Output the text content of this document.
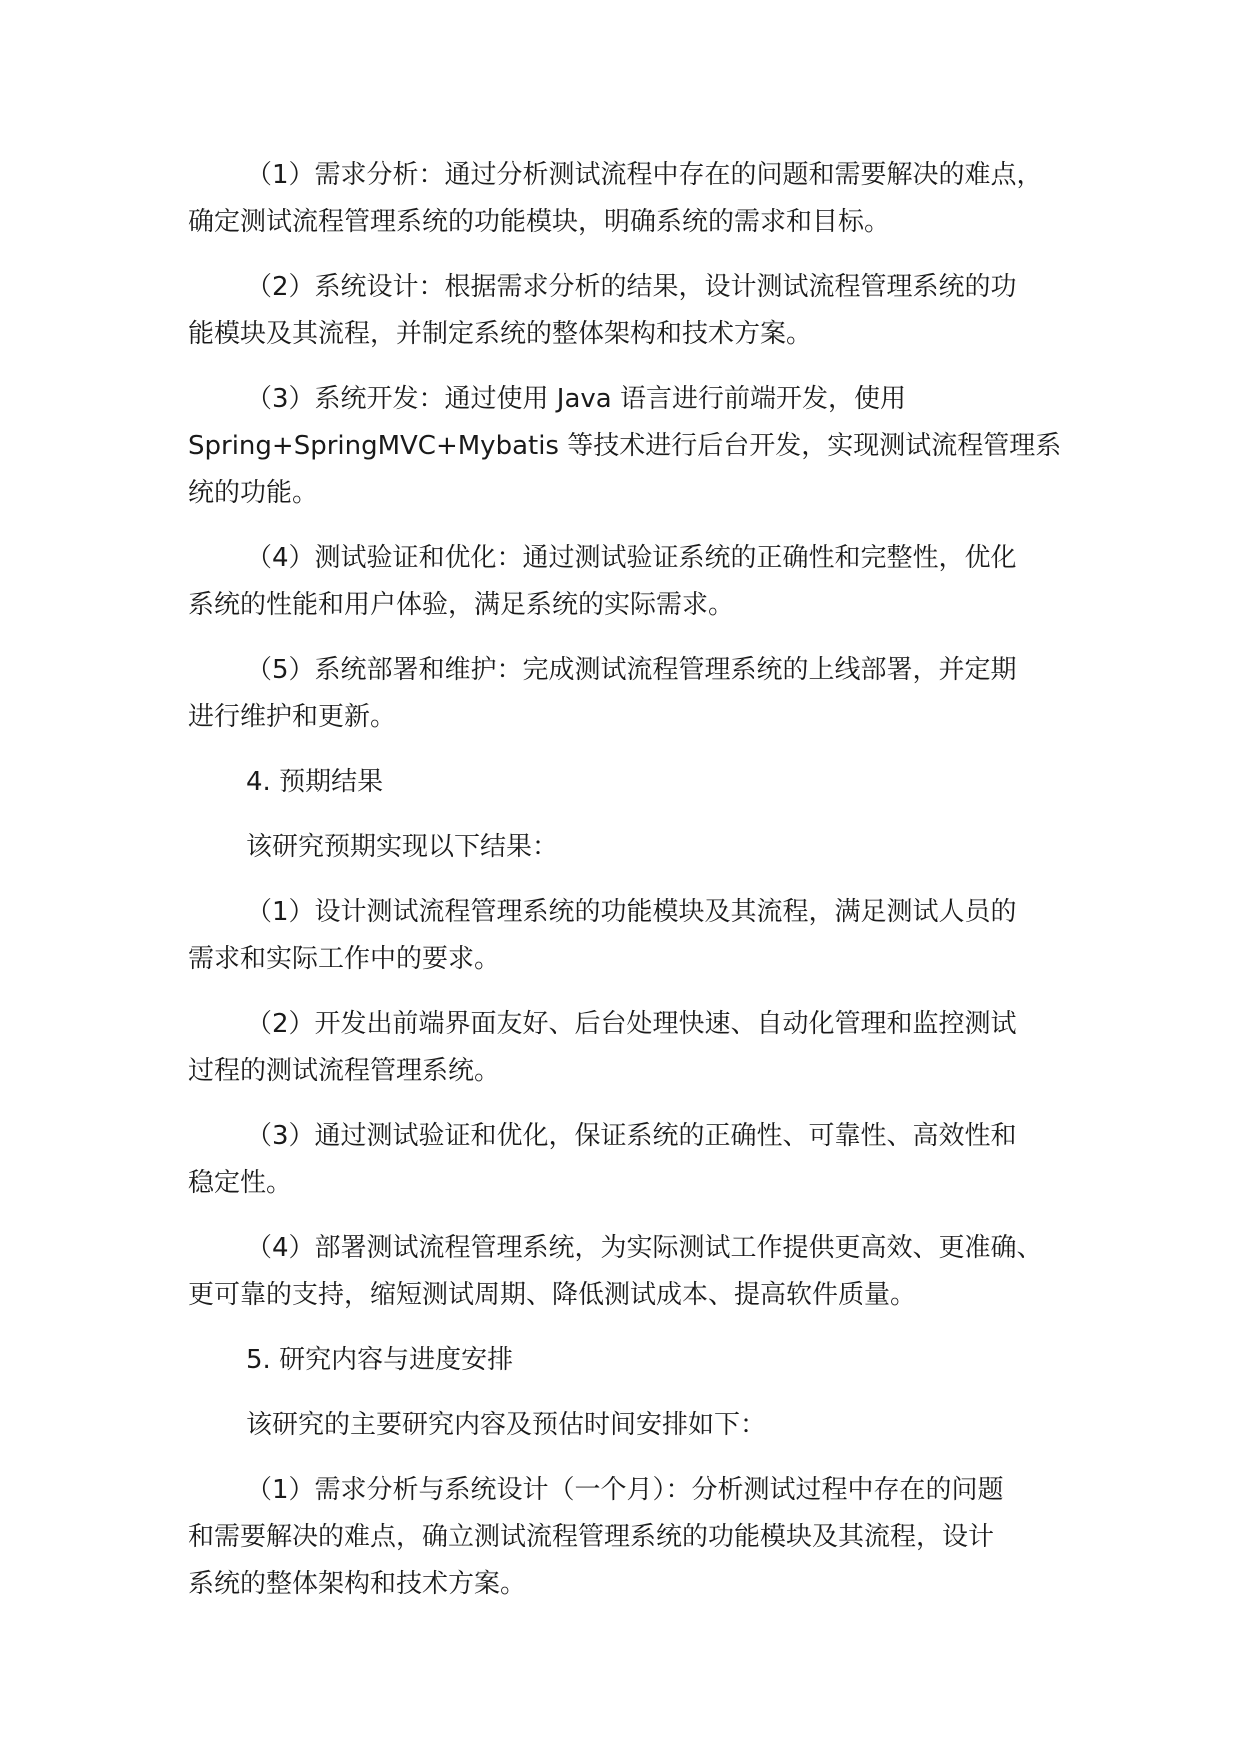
（1）需求分析：通过分析测试流程中存在的问题和需要解决的难点，
确定测试流程管理系统的功能模块，明确系统的需求和目标。

（2）系统设计：根据需求分析的结果，设计测试流程管理系统的功
能模块及其流程，并制定系统的整体架构和技术方案。

（3）系统开发：通过使用 Java 语言进行前端开发，使用
Spring+SpringMVC+Mybatis 等技术进行后台开发，实现测试流程管理系
统的功能。

（4）测试验证和优化：通过测试验证系统的正确性和完整性，优化
系统的性能和用户体验，满足系统的实际需求。

（5）系统部署和维护：完成测试流程管理系统的上线部署，并定期
进行维护和更新。

4. 预期结果

该研究预期实现以下结果：

（1）设计测试流程管理系统的功能模块及其流程，满足测试人员的
需求和实际工作中的要求。

（2）开发出前端界面友好、后台处理快速、自动化管理和监控测试
过程的测试流程管理系统。

（3）通过测试验证和优化，保证系统的正确性、可靠性、高效性和
稳定性。

（4）部署测试流程管理系统，为实际测试工作提供更高效、更准确、
更可靠的支持，缩短测试周期、降低测试成本、提高软件质量。

5. 研究内容与进度安排

该研究的主要研究内容及预估时间安排如下：

（1）需求分析与系统设计（一个月）：分析测试过程中存在的问题
和需要解决的难点，确立测试流程管理系统的功能模块及其流程，设计
系统的整体架构和技术方案。
